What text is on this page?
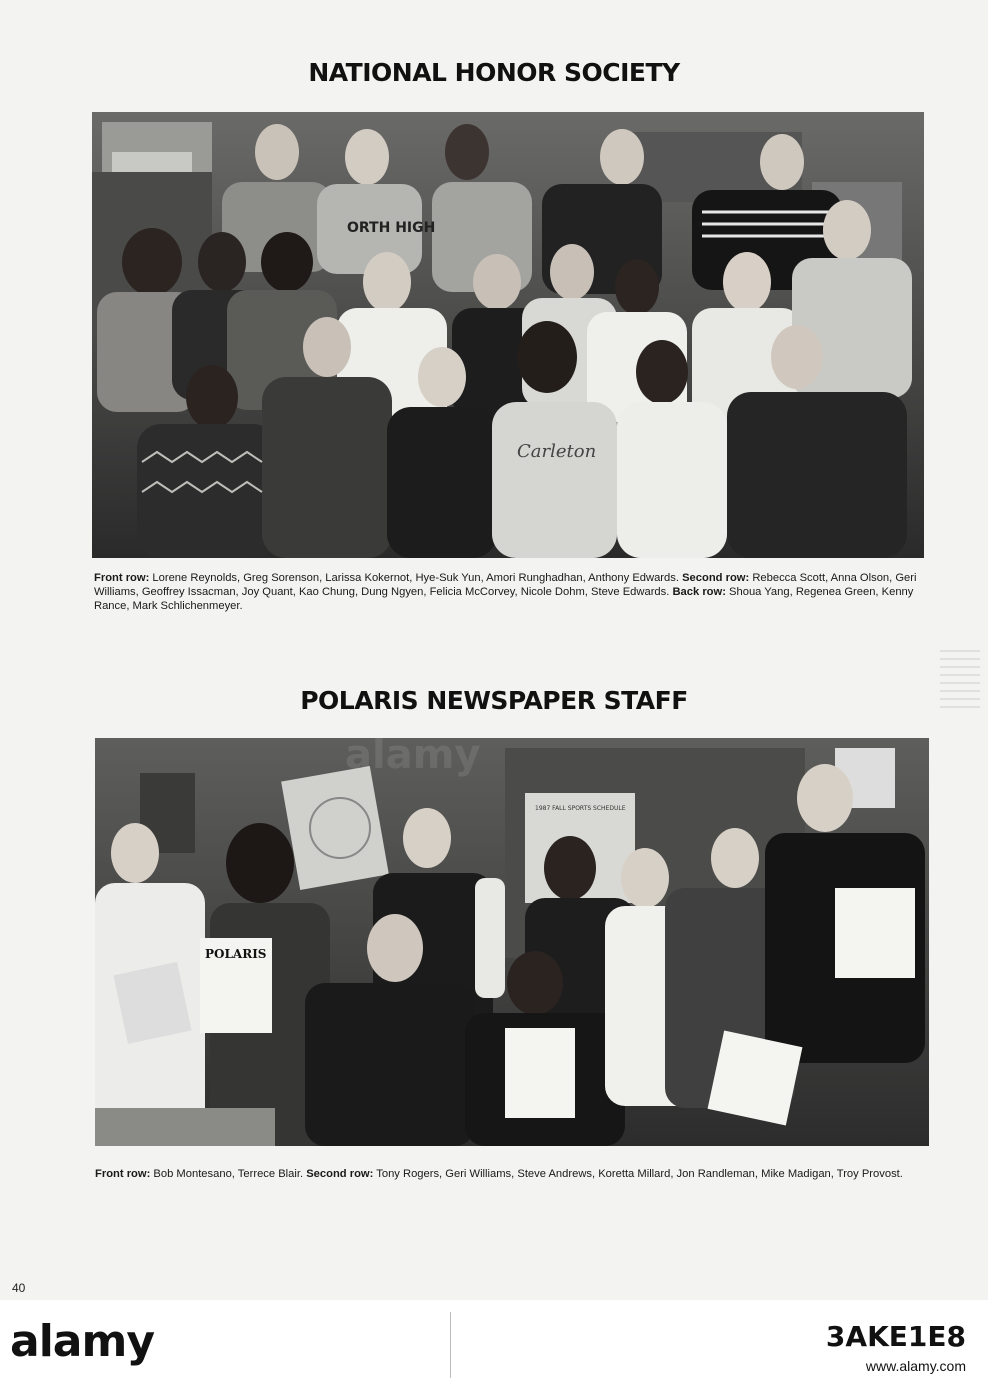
NATIONAL HONOR SOCIETY
ORTH HIGH
Carleton

Front row: Lorene Reynolds, Greg Sorenson, Larissa Kokernot, Hye-Suk Yun, Amori Runghadhan, Anthony Edwards. Second row: Rebecca Scott, Anna Olson, Geri Williams, Geoffrey Issacman, Joy Quant, Kao Chung, Dung Ngyen, Felicia McCorvey, Nicole Dohm, Steve Edwards. Back row: Shoua Yang, Regenea Green, Kenny Rance, Mark Schlichenmeyer.

POLARIS NEWSPAPER STAFF
1987 FALL SPORTS SCHEDULE
POLARIS
alamy

Front row: Bob Montesano, Terrece Blair. Second row: Tony Rogers, Geri Williams, Steve Andrews, Koretta Millard, Jon Randleman, Mike Madigan, Troy Provost.

40
alamy	3AKE1E8
www.alamy.com
